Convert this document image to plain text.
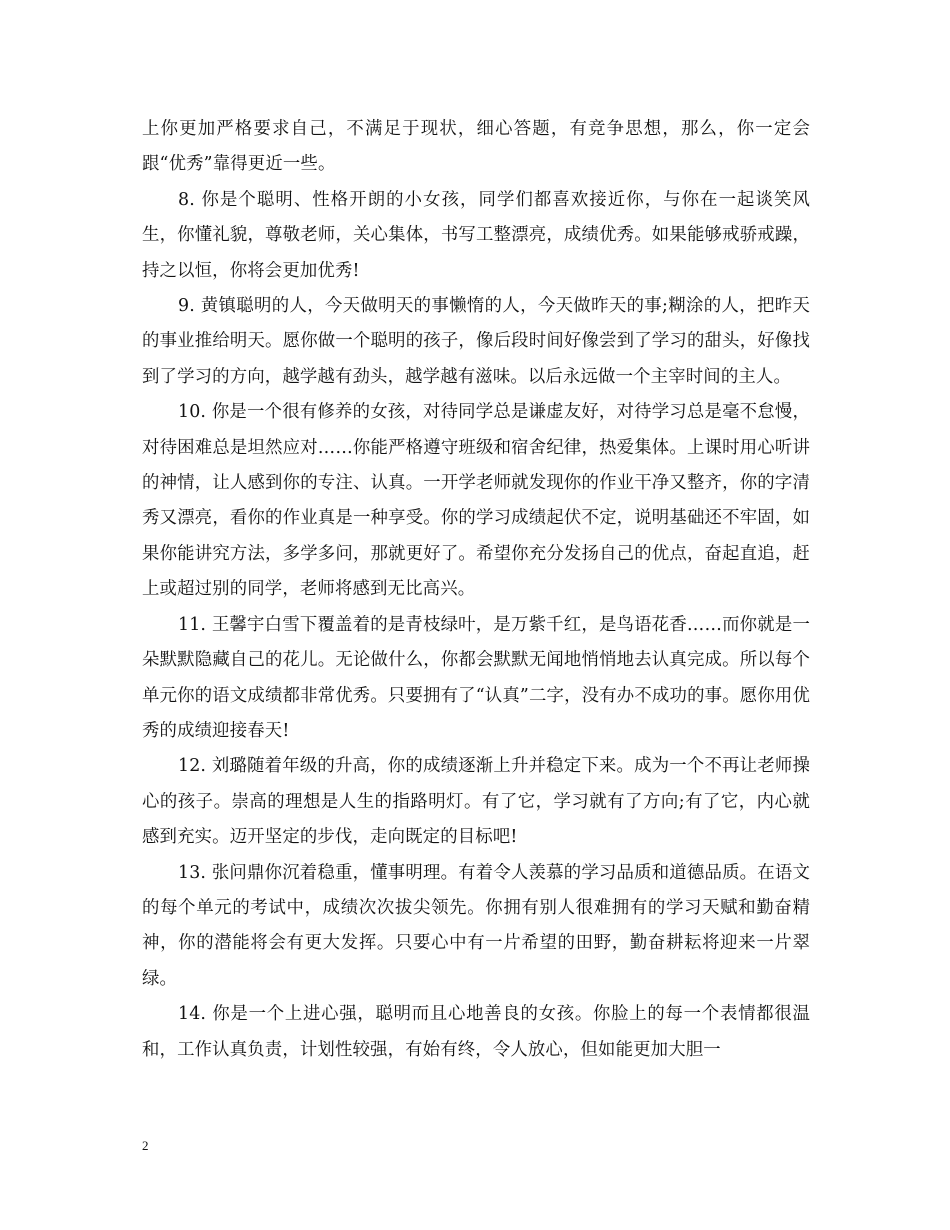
上你更加严格要求自己，不满足于现状，细心答题，有竞争思想，那么，你一定会跟“优秀”靠得更近一些。

8. 你是个聪明、性格开朗的小女孩，同学们都喜欢接近你，与你在一起谈笑风生，你懂礼貌，尊敬老师，关心集体，书写工整漂亮，成绩优秀。如果能够戒骄戒躁，持之以恒，你将会更加优秀!

9. 黄镇聪明的人，今天做明天的事懒惰的人，今天做昨天的事;糊涂的人，把昨天的事业推给明天。愿你做一个聪明的孩子，像后段时间好像尝到了学习的甜头，好像找到了学习的方向，越学越有劲头，越学越有滋味。以后永远做一个主宰时间的主人。

10. 你是一个很有修养的女孩，对待同学总是谦虚友好，对待学习总是毫不怠慢，对待困难总是坦然应对……你能严格遵守班级和宿舍纪律，热爱集体。上课时用心听讲的神情，让人感到你的专注、认真。一开学老师就发现你的作业干净又整齐，你的字清秀又漂亮，看你的作业真是一种享受。你的学习成绩起伏不定，说明基础还不牢固，如果你能讲究方法，多学多问，那就更好了。希望你充分发扬自己的优点，奋起直追，赶上或超过别的同学，老师将感到无比高兴。

11. 王馨宇白雪下覆盖着的是青枝绿叶，是万紫千红，是鸟语花香……而你就是一朵默默隐藏自己的花儿。无论做什么，你都会默默无闻地悄悄地去认真完成。所以每个单元你的语文成绩都非常优秀。只要拥有了“认真”二字，没有办不成功的事。愿你用优秀的成绩迎接春天!

12. 刘璐随着年级的升高，你的成绩逐渐上升并稳定下来。成为一个不再让老师操心的孩子。崇高的理想是人生的指路明灯。有了它，学习就有了方向;有了它，内心就感到充实。迈开坚定的步伐，走向既定的目标吧!

13. 张问鼎你沉着稳重，懂事明理。有着令人羡慕的学习品质和道德品质。在语文的每个单元的考试中，成绩次次拔尖领先。你拥有别人很难拥有的学习天赋和勤奋精神，你的潜能将会有更大发挥。只要心中有一片希望的田野，勤奋耕耘将迎来一片翠绿。

14. 你是一个上进心强，聪明而且心地善良的女孩。你脸上的每一个表情都很温和，工作认真负责，计划性较强，有始有终，令人放心，但如能更加大胆一

2
